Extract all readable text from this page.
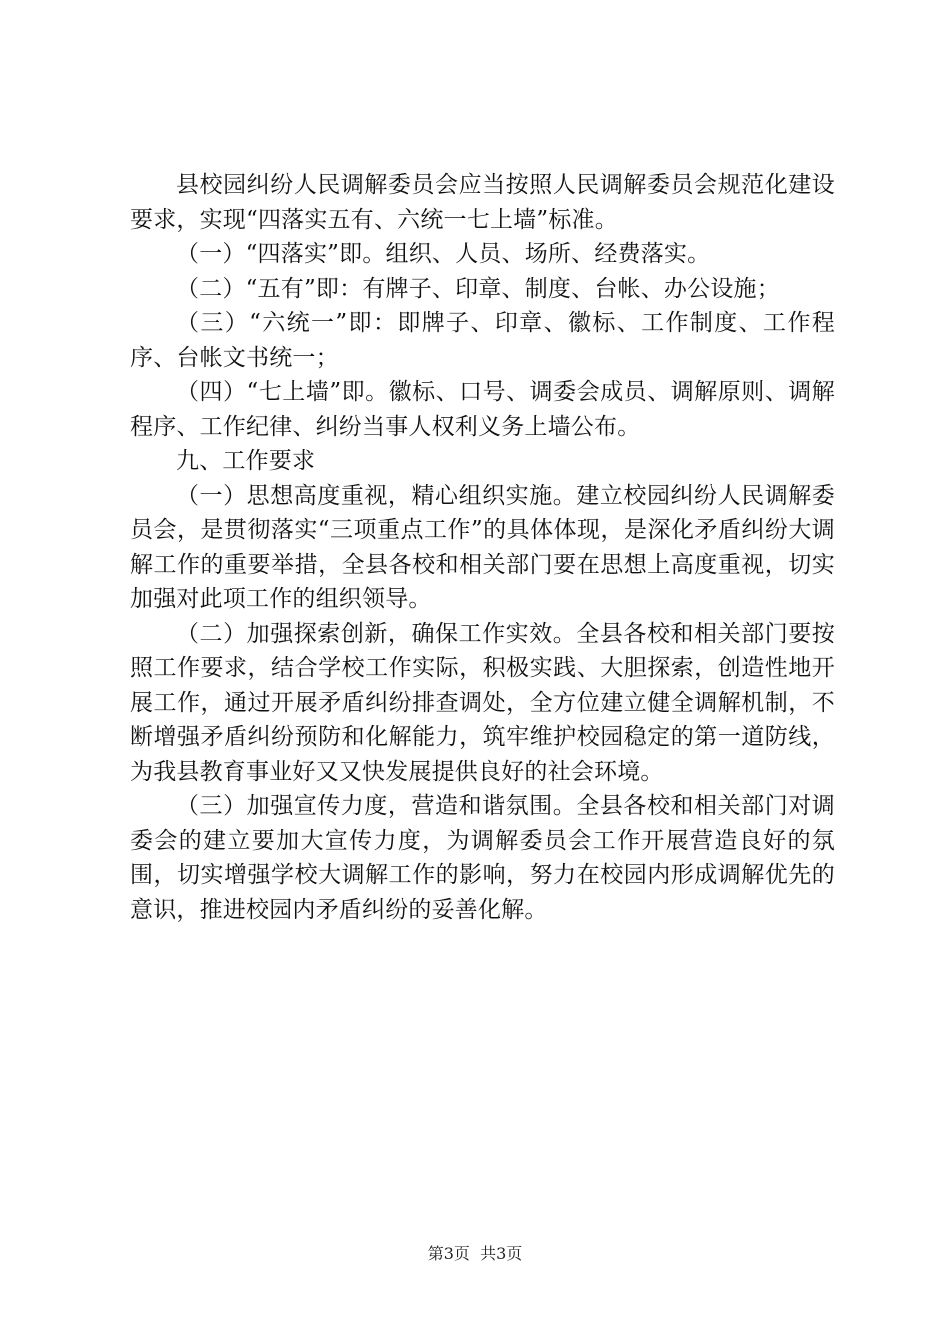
县校园纠纷人民调解委员会应当按照人民调解委员会规范化建设要求，实现“四落实五有、六统一七上墙”标准。

（一）“四落实”即。组织、人员、场所、经费落实。

（二）“五有”即：有牌子、印章、制度、台帐、办公设施；

（三）“六统一”即：即牌子、印章、徽标、工作制度、工作程序、台帐文书统一；

（四）“七上墙”即。徽标、口号、调委会成员、调解原则、调解程序、工作纪律、纠纷当事人权利义务上墙公布。

九、工作要求

（一）思想高度重视，精心组织实施。建立校园纠纷人民调解委员会，是贯彻落实“三项重点工作”的具体体现，是深化矛盾纠纷大调解工作的重要举措，全县各校和相关部门要在思想上高度重视，切实加强对此项工作的组织领导。

（二）加强探索创新，确保工作实效。全县各校和相关部门要按照工作要求，结合学校工作实际，积极实践、大胆探索，创造性地开展工作，通过开展矛盾纠纷排查调处，全方位建立健全调解机制，不断增强矛盾纠纷预防和化解能力，筑牢维护校园稳定的第一道防线，为我县教育事业好又又快发展提供良好的社会环境。

（三）加强宣传力度，营造和谐氛围。全县各校和相关部门对调委会的建立要加大宣传力度，为调解委员会工作开展营造良好的氛围，切实增强学校大调解工作的影响，努力在校园内形成调解优先的意识，推进校园内矛盾纠纷的妥善化解。

第3页  共3页
